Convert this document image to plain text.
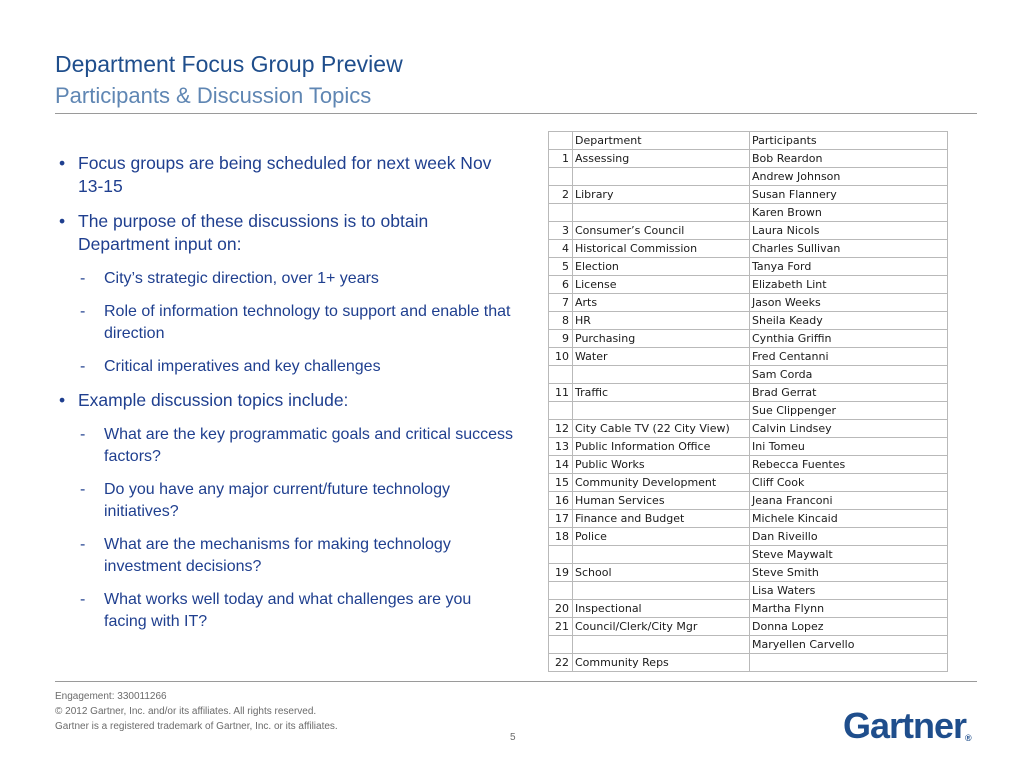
Department Focus Group Preview
Participants & Discussion Topics
• Focus groups are being scheduled for next week Nov 13-15
• The purpose of these discussions is to obtain Department input on:
- City’s strategic direction, over 1+ years
- Role of information technology to support and enable that direction
- Critical imperatives and key challenges
• Example discussion topics include:
- What are the key programmatic goals and critical success factors?
- Do you have any major current/future technology initiatives?
- What are the mechanisms for making technology investment decisions?
- What works well today and what challenges are you facing with IT?
	Department	Participants
1	Assessing	Bob Reardon
		Andrew Johnson
2	Library	Susan Flannery
		Karen Brown
3	Consumer’s Council	Laura Nicols
4	Historical Commission	Charles Sullivan
5	Election	Tanya Ford
6	License	Elizabeth Lint
7	Arts	Jason Weeks
8	HR	Sheila Keady
9	Purchasing	Cynthia Griffin
10	Water	Fred Centanni
		Sam Corda
11	Traffic	Brad Gerrat
		Sue Clippenger
12	City Cable TV (22 City View)	Calvin Lindsey
13	Public Information Office	Ini Tomeu
14	Public Works	Rebecca Fuentes
15	Community Development	Cliff Cook
16	Human Services	Jeana Franconi
17	Finance and Budget	Michele Kincaid
18	Police	Dan Riveillo
		Steve Maywalt
19	School	Steve Smith
		Lisa Waters
20	Inspectional	Martha Flynn
21	Council/Clerk/City Mgr	Donna Lopez
		Maryellen Carvello
22	Community Reps	
Engagement: 330011266
© 2012 Gartner, Inc. and/or its affiliates. All rights reserved.
Gartner is a registered trademark of Gartner, Inc. or its affiliates.
5	Gartner
®
